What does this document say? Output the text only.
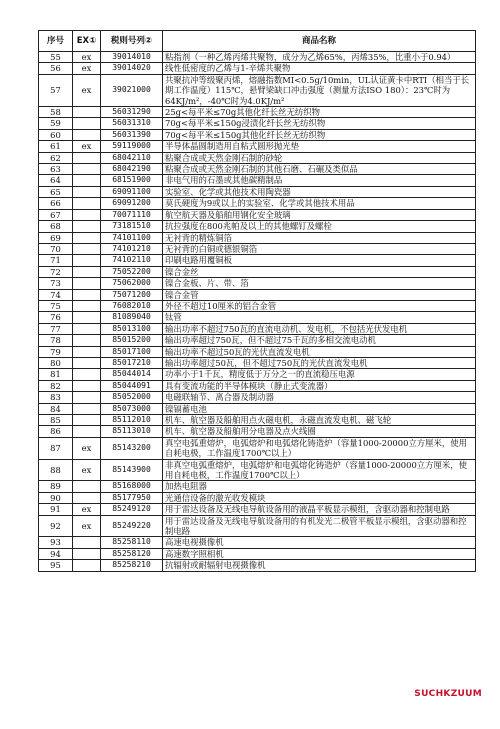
序号	EX①	税则号列②	商品名称
55	ex	39014010	粘指剂（一种乙烯丙烯共聚物，成分为乙烯65%，丙烯35%，比重小于0.94）
56	ex	39014020	线性低密度的乙烯与1-辛烯共聚物
57	ex	39021000	共聚抗冲等级聚丙烯，熔融指数MI<0.5g/10min，UL认证黄卡中RTI（相当于长期工作温度）115℃，悬臂梁缺口冲击强度（测量方法ISO 180）：23℃时为64KJ/m²，-40℃时为4.0KJ/m²
58		56031290	25g<每平米≤70g其他化纤长丝无纺织物
59		56031310	70g<每平米≤150g浸渍化纤长丝无纺织物
60		56031390	70g<每平米≤150g其他化纤长丝无纺织物
61	ex	59119000	半导体晶圆制造用自粘式圆形抛光垫
62		68042110	粘聚合成或天然金刚石制的砂轮
63		68042190	粘聚合成或天然金刚石制的其他石磨、石碾及类似品
64		68151900	非电气用的石墨或其他碳精制品
65		69091100	实验室、化学或其他技术用陶瓷器
66		69091200	莫氏硬度为9或以上的实验室、化学或其他技术用品
67		70071110	航空航天器及船舶用钢化安全玻璃
68		73181510	抗拉强度在800兆帕及以上的其他螺钉及螺栓
69		74101100	无衬背的精炼铜箔
70		74101210	无衬背的白铜或德银铜箔
71		74102110	印刷电路用覆铜板
72		75052200	镍合金丝
73		75062000	镍合金板、片、带、箔
74		75071200	镍合金管
75		76082010	外径不超过10厘米的铝合金管
76		81089040	钛管
77		85013100	输出功率不超过750瓦的直流电动机、发电机，不包括光伏发电机
78		85015200	输出功率超过750瓦，但不超过75千瓦的多相交流电动机
79		85017100	输出功率不超过50瓦的光伏直流发电机
80		85017210	输出功率超过50瓦，但不超过750瓦的光伏直流发电机
81		85044014	功率小于1千瓦，精度低于万分之一的直流稳压电源
82		85044091	具有变流功能的半导体模块（静止式变流器）
83		85052000	电磁联轴节、离合器及制动器
84		85073000	镍镉蓄电池
85		85112010	机车、航空器及船舶用点火磁电机，永磁直流发电机、磁飞轮
86		85113010	机车、航空器及船舶用分电器及点火线圈
87	ex	85143200	真空电弧重熔炉，电弧熔炉和电弧熔化铸造炉（容量1000-20000立方厘米，使用自耗电极，工作温度1700℃以上）
88	ex	85143900	非真空电弧重熔炉，电弧熔炉和电弧熔化铸造炉（容量1000-20000立方厘米，使用自耗电极，工作温度1700℃以上）
89		85168000	加热电阻器
90		85177950	光通信设备的激光收发模块
91	ex	85249120	用于雷达设备及无线电导航设备用的液晶平板显示模组，含驱动器和控制电路
92	ex	85249220	用于雷达设备及无线电导航设备用的有机发光二极管平板显示模组，含驱动器和控制电路
93		85258110	高速电视摄像机
94		85258120	高速数字照相机
95		85258210	抗辐射或耐辐射电视摄像机
SUCHKZUUM
